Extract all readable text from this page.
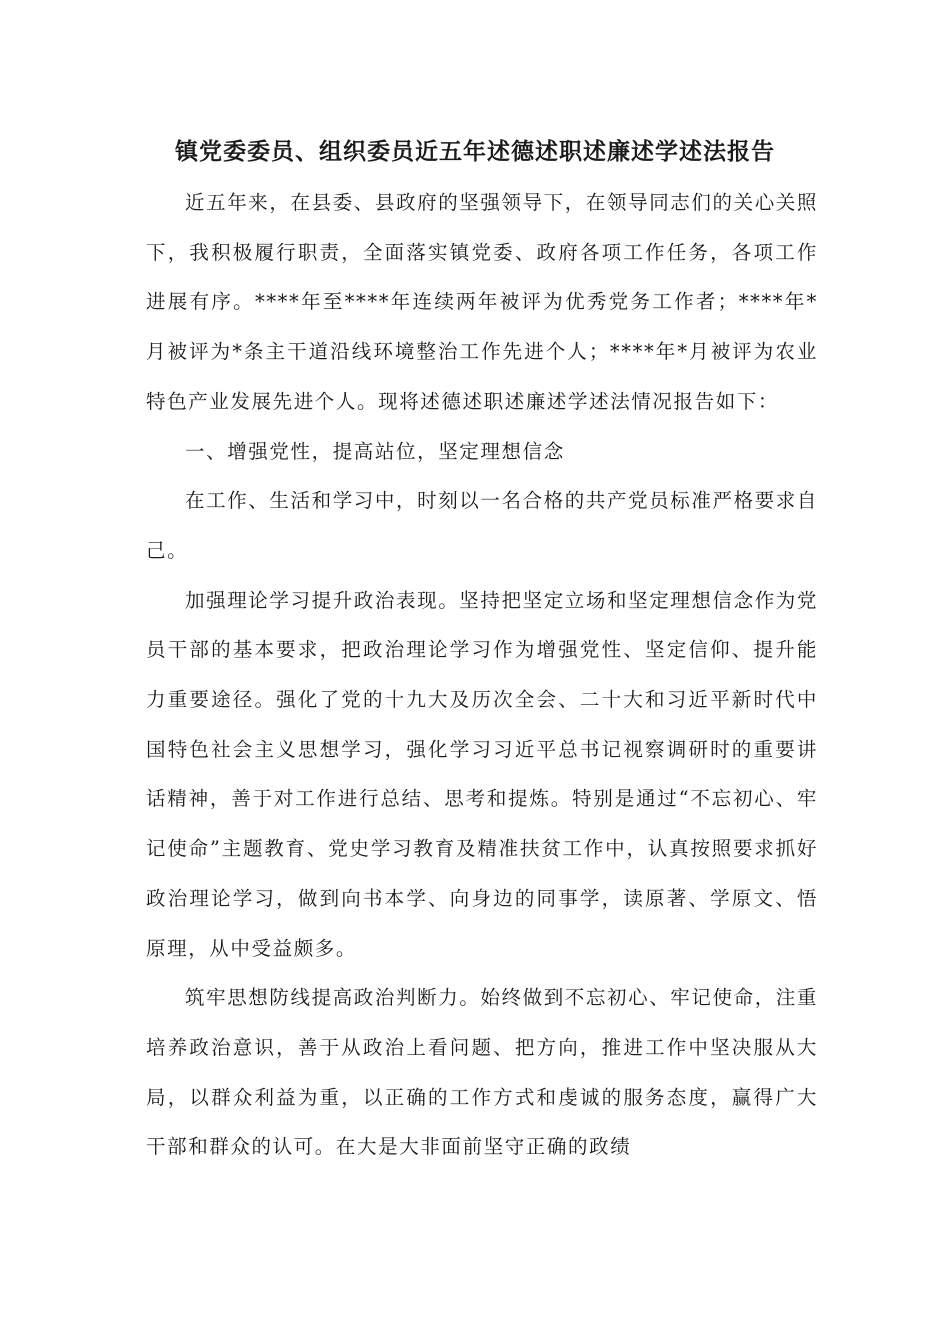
镇党委委员、组织委员近五年述德述职述廉述学述法报告

近五年来，在县委、县政府的坚强领导下，在领导同志们的关心关照下，我积极履行职责，全面落实镇党委、政府各项工作任务，各项工作进展有序。****年至****年连续两年被评为优秀党务工作者；****年*月被评为*条主干道沿线环境整治工作先进个人；****年*月被评为农业特色产业发展先进个人。现将述德述职述廉述学述法情况报告如下：

一、增强党性，提高站位，坚定理想信念

在工作、生活和学习中，时刻以一名合格的共产党员标准严格要求自己。

加强理论学习提升政治表现。坚持把坚定立场和坚定理想信念作为党员干部的基本要求，把政治理论学习作为增强党性、坚定信仰、提升能力重要途径。强化了党的十九大及历次全会、二十大和习近平新时代中国特色社会主义思想学习，强化学习习近平总书记视察调研时的重要讲话精神，善于对工作进行总结、思考和提炼。特别是通过“不忘初心、牢记使命”主题教育、党史学习教育及精准扶贫工作中，认真按照要求抓好政治理论学习，做到向书本学、向身边的同事学，读原著、学原文、悟原理，从中受益颇多。

筑牢思想防线提高政治判断力。始终做到不忘初心、牢记使命，注重培养政治意识，善于从政治上看问题、把方向，推进工作中坚决服从大局，以群众利益为重，以正确的工作方式和虔诚的服务态度，赢得广大干部和群众的认可。在大是大非面前坚守正确的政绩
